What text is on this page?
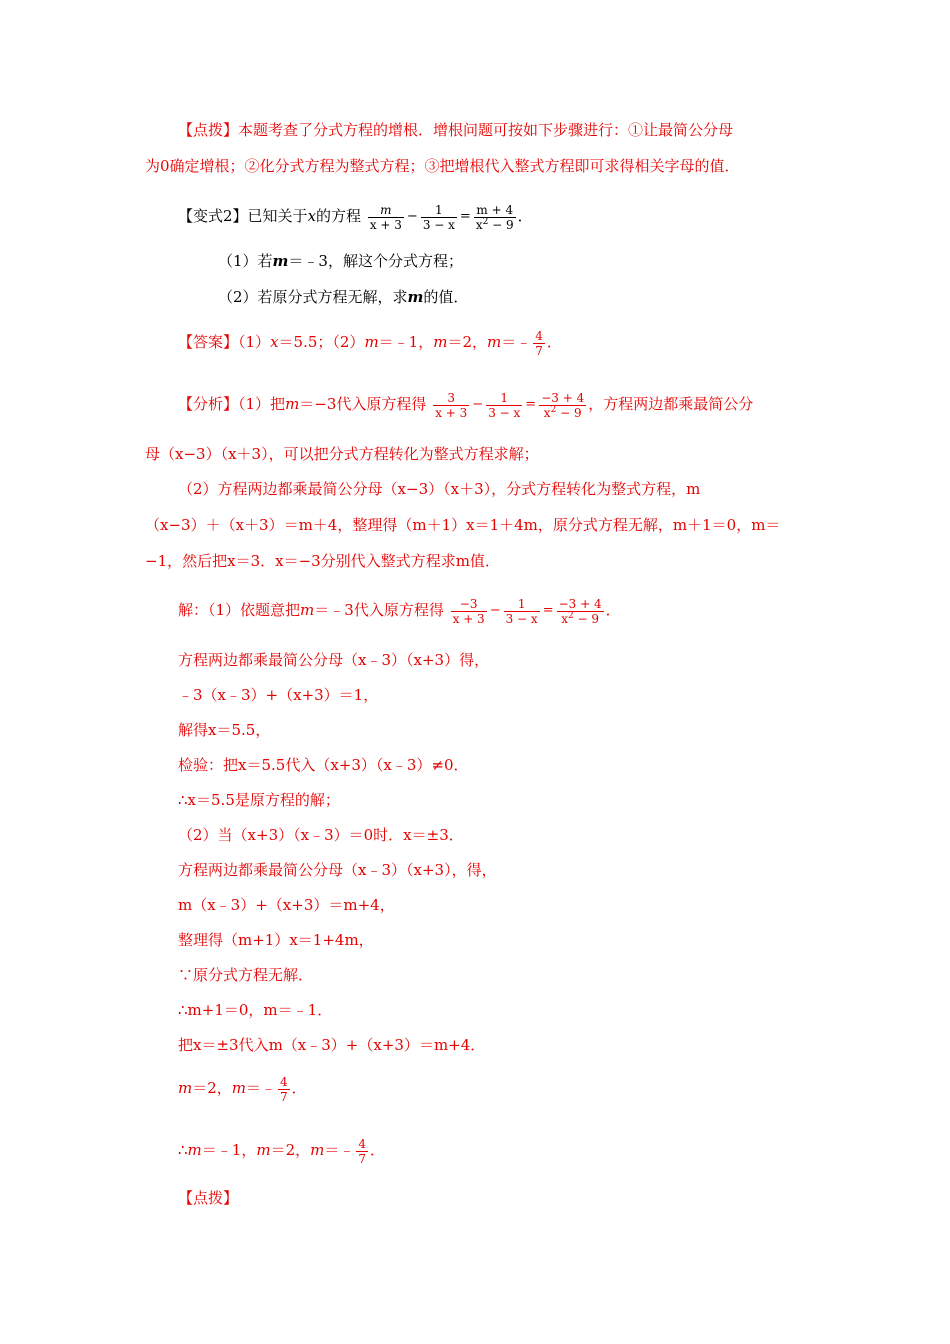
【点拨】本题考查了分式方程的增根．增根问题可按如下步骤进行：①让最简公分母
为0确定增根；②化分式方程为整式方程；③把增根代入整式方程即可求得相关字母的值．
【变式2】已知关于x的方程 $\frac{m}{x + 3} - \frac{1}{3 - x} = \frac{m + 4}{x^2 - 9}$ ．
（1）若m＝﹣3，解这个分式方程；
（2）若原分式方程无解，求m的值．
【答案】（1）x＝5.5；（2）m＝﹣1，m＝2，m＝﹣ $\frac{4}{7}$ ．
【分析】（1）把m＝−3代入原方程得 $\frac{3}{x + 3} - \frac{1}{3 - x} = \frac{-3 + 4}{x^2 - 9}$ ，方程两边都乘最简公分
母（x−3）（x＋3），可以把分式方程转化为整式方程求解；
（2）方程两边都乘最简公分母（x−3）（x＋3），分式方程转化为整式方程，m
（x−3）＋（x＋3）＝m＋4，整理得（m＋1）x＝1＋4m，原分式方程无解，m＋1＝0，m＝
−1，然后把x＝3．x＝−3分别代入整式方程求m值．
解：（1）依题意把m＝﹣3代入原方程得 $\frac{-3}{x + 3} - \frac{1}{3 - x} = \frac{-3 + 4}{x^2 - 9}$ ．
方程两边都乘最简公分母（x﹣3）（x+3）得，
﹣3（x﹣3）+（x+3）＝1，
解得x＝5.5，
检验：把x＝5.5代入（x+3）（x﹣3）≠0．
∴x＝5.5是原方程的解；
（2）当（x+3）（x﹣3）＝0时．x＝±3．
方程两边都乘最简公分母（x﹣3）（x+3），得，
m（x﹣3）+（x+3）＝m+4，
整理得（m+1）x＝1+4m，
∵原分式方程无解．
∴m+1＝0，m＝﹣1．
把x＝±3代入m（x﹣3）+（x+3）＝m+4．
m＝2，m＝﹣ $\frac{4}{7}$ ．
∴m＝﹣1，m＝2，m＝﹣ $\frac{4}{7}$ ．
【点拨】
